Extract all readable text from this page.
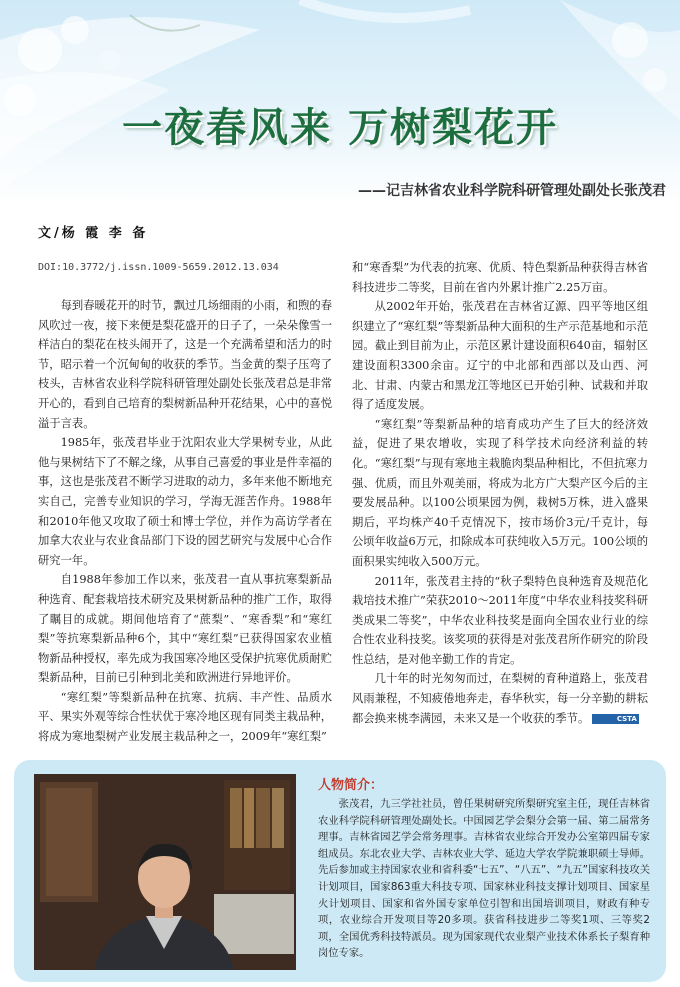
一夜春风来 万树梨花开
——记吉林省农业科学院科研管理处副处长张茂君
文/杨 霞 李 备
DOI:10.3772/j.issn.1009-5659.2012.13.034

每到春暖花开的时节，飘过几场细雨的小雨，和煦的春风吹过一夜，接下来便是梨花盛开的日子了，一朵朵像雪一样洁白的梨花在枝头闹开了，这是一个充满希望和活力的时节，昭示着一个沉甸甸的收获的季节。当金黄的梨子压弯了枝头，吉林省农业科学院科研管理处副处长张茂君总是非常开心的，看到自己培育的梨树新品种开花结果，心中的喜悦溢于言表。

1985年，张茂君毕业于沈阳农业大学果树专业，从此他与果树结下了不解之缘，从事自己喜爱的事业是件幸福的事，这也是张茂君不断学习进取的动力，多年来他不断地充实自己，完善专业知识的学习，学海无涯苦作舟。1988年和2010年他又攻取了硕士和博士学位，并作为高访学者在加拿大农业与农业食品部门下设的园艺研究与发展中心合作研究一年。

自1988年参加工作以来，张茂君一直从事抗寒梨新品种选育、配套栽培技术研究及果树新品种的推广工作，取得了瞩目的成就。期间他培育了“蔗梨”、“寒香梨”和“寒红梨”等抗寒梨新品种6个，其中“寒红梨”已获得国家农业植物新品种授权，率先成为我国寒冷地区受保护抗寒优质耐贮梨新品种，目前已引种到北美和欧洲进行异地评价。

“寒红梨”等梨新品种在抗寒、抗病、丰产性、品质水平、果实外观等综合性状优于寒冷地区现有同类主栽品种，将成为寒地梨树产业发展主栽品种之一，2009年“寒红梨”

和“寒香梨”为代表的抗寒、优质、特色梨新品种获得吉林省科技进步二等奖，目前在省内外累计推广2.25万亩。

从2002年开始，张茂君在吉林省辽源、四平等地区组织建立了“寒红梨”等梨新品种大面积的生产示范基地和示范园。截止到目前为止，示范区累计建设面积640亩，辐射区建设面积3300余亩。辽宁的中北部和西部以及山西、河北、甘肃、内蒙古和黑龙江等地区已开始引种、试栽和并取得了适度发展。

“寒红梨”等梨新品种的培育成功产生了巨大的经济效益，促进了果农增收，实现了科学技术向经济利益的转化。“寒红梨”与现有寒地主栽脆肉梨品种相比，不但抗寒力强、优质，而且外观美丽，将成为北方广大梨产区今后的主要发展品种。以100公顷果园为例，栽树5万株，进入盛果期后，平均株产40千克情况下，按市场价3元/千克计，每公顷年收益6万元，扣除成本可获纯收入5万元。100公顷的面积果实纯收入500万元。

2011年，张茂君主持的“秋子梨特色良种选育及规范化栽培技术推广”荣获2010～2011年度“中华农业科技奖科研类成果二等奖”，中华农业科技奖是面向全国农业行业的综合性农业科技奖。该奖项的获得是对张茂君所作研究的阶段性总结，是对他辛勤工作的肯定。

几十年的时光匆匆而过，在梨树的育种道路上，张茂君风雨兼程，不知疲倦地奔走，春华秋实，每一分辛勤的耕耘都会换来桃李满园，未来又是一个收获的季节。	CSTA

人物简介：
张茂君，九三学社社员，曾任果树研究所梨研究室主任，现任吉林省农业科学院科研管理处副处长。中国园艺学会梨分会第一届、第二届常务理事。吉林省园艺学会常务理事。吉林省农业综合开发办公室第四届专家组成员。东北农业大学、吉林农业大学、延边大学农学院兼职硕士导师。先后参加或主持国家农业和省科委“七五”、“八五”、“九五”国家科技攻关计划项目，国家863重大科技专项、国家林业科技支撑计划项目、国家星火计划项目、国家和省外国专家单位引智和出国培训项目，财政有种专项，农业综合开发项目等20多项。获省科技进步二等奖1项、三等奖2项，全国优秀科技特派员。现为国家现代农业梨产业技术体系长子梨育种岗位专家。
